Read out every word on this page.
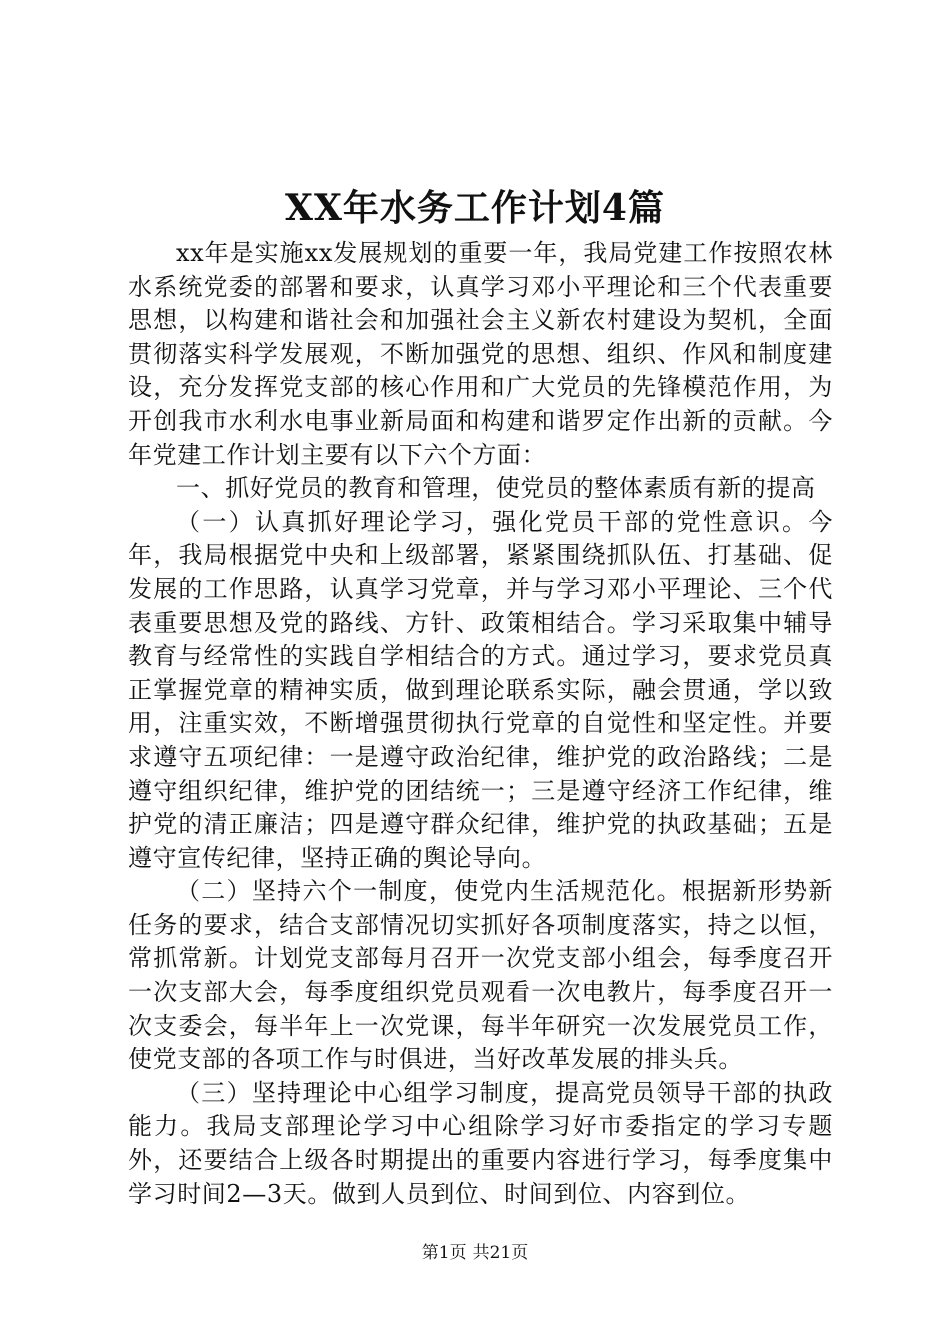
XX年水务工作计划4篇

xx年是实施xx发展规划的重要一年，我局党建工作按照农林水系统党委的部署和要求，认真学习邓小平理论和三个代表重要思想，以构建和谐社会和加强社会主义新农村建设为契机，全面贯彻落实科学发展观，不断加强党的思想、组织、作风和制度建设，充分发挥党支部的核心作用和广大党员的先锋模范作用，为开创我市水利水电事业新局面和构建和谐罗定作出新的贡献。今年党建工作计划主要有以下六个方面：

一、抓好党员的教育和管理，使党员的整体素质有新的提高

（一）认真抓好理论学习，强化党员干部的党性意识。今年，我局根据党中央和上级部署，紧紧围绕抓队伍、打基础、促发展的工作思路，认真学习党章，并与学习邓小平理论、三个代表重要思想及党的路线、方针、政策相结合。学习采取集中辅导教育与经常性的实践自学相结合的方式。通过学习，要求党员真正掌握党章的精神实质，做到理论联系实际，融会贯通，学以致用，注重实效，不断增强贯彻执行党章的自觉性和坚定性。并要求遵守五项纪律：一是遵守政治纪律，维护党的政治路线；二是遵守组织纪律，维护党的团结统一；三是遵守经济工作纪律，维护党的清正廉洁；四是遵守群众纪律，维护党的执政基础；五是遵守宣传纪律，坚持正确的舆论导向。

（二）坚持六个一制度，使党内生活规范化。根据新形势新任务的要求，结合支部情况切实抓好各项制度落实，持之以恒，常抓常新。计划党支部每月召开一次党支部小组会，每季度召开一次支部大会，每季度组织党员观看一次电教片，每季度召开一次支委会，每半年上一次党课，每半年研究一次发展党员工作，使党支部的各项工作与时俱进，当好改革发展的排头兵。

（三）坚持理论中心组学习制度，提高党员领导干部的执政能力。我局支部理论学习中心组除学习好市委指定的学习专题外，还要结合上级各时期提出的重要内容进行学习，每季度集中学习时间2—3天。做到人员到位、时间到位、内容到位。

第1页 共21页
